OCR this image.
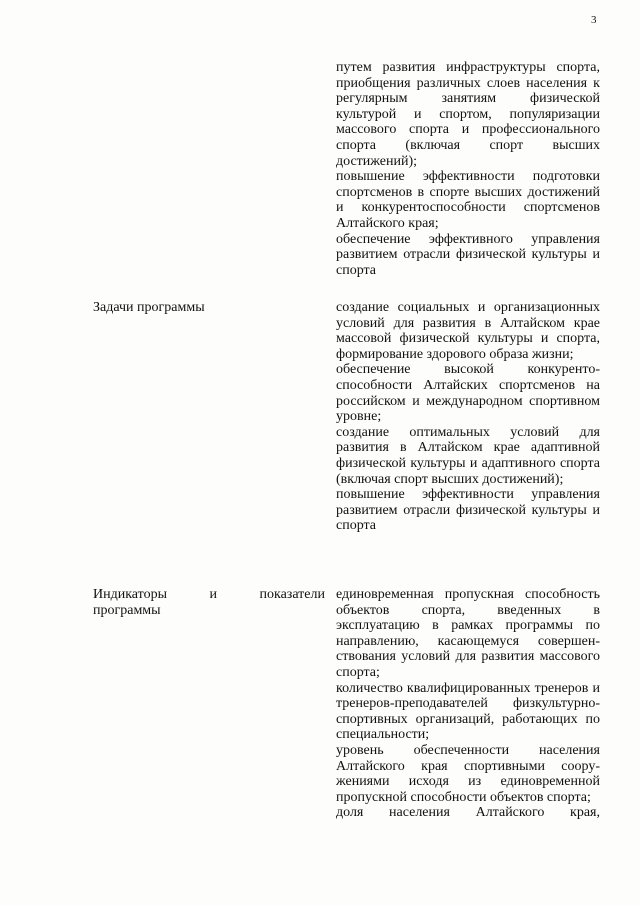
3

путем развития инфраструктуры спорта, приобщения различных слоев населения к регулярным занятиям физической культурой и спортом, популяризации массового спорта и профессионального спорта (включая спорт высших достижений);

повышение эффективности подготовки спортсменов в спорте высших достижений и конкурентоспособности спортсменов Алтайского края;

обеспечение эффективного управления развитием отрасли физической культуры и спорта

Задачи программы	создание социальных и организационных условий для развития в Алтайском крае массовой физической культуры и спорта, формирование здорового образа жизни;

обеспечение высокой конкурентоспособности Алтайских спортсменов на российском и международном спортивном уровне;

создание оптимальных условий для развития в Алтайском крае адаптивной физической культуры и адаптивного спорта (включая спорт высших достижений);

повышение эффективности управления развитием отрасли физической культуры и спорта

Индикаторы и показатели
программы

единовременная пропускная способность объектов спорта, введенных в эксплуатацию в рамках программы по направлению, касающемуся совершенствования условий для развития массового спорта;

количество квалифицированных тренеров и тренеров-преподавателей физкультурно-спортивных организаций, работающих по специальности;

уровень обеспеченности населения Алтайского края спортивными сооружениями исходя из единовременной пропускной способности объектов спорта;

доля населения Алтайского края,
